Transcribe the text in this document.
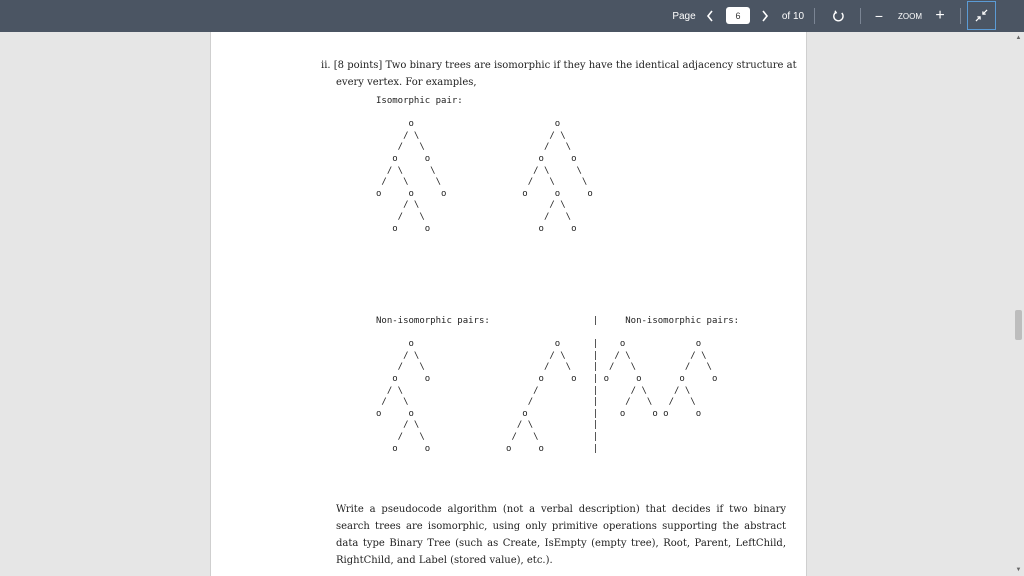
Page	6	of 10	−	ZOOM +
ii. [8 points] Two binary trees are isomorphic if they have the identical adjacency structure at
every vertex. For examples,
Isomorphic pair:

o                          o
/ \                        / \
/   \                      /   \
o     o                    o     o
/ \     \                  / \     \
/   \     \                /   \     \
o     o     o              o     o     o
/ \                        / \
/   \                      /   \
o     o                    o     o
Non-isomorphic pairs:                   |     Non-isomorphic pairs:

o                          o      |    o             o
/ \                        / \     |   / \           / \
/   \                      /   \    |  /   \         /   \
o     o                    o     o   | o     o       o     o
/ \                        /          |      / \     / \
/   \                      /           |     /   \   /   \
o     o                    o            |    o     o o     o
/ \                  / \           |
/   \                /   \          |
o     o              o     o         |
Write a pseudocode algorithm (not a verbal description) that decides if two binary search trees are isomorphic, using only primitive operations supporting the abstract data type Binary Tree (such as Create, IsEmpty (empty tree), Root, Parent, LeftChild, RightChild, and Label (stored value), etc.).
▲
▼
